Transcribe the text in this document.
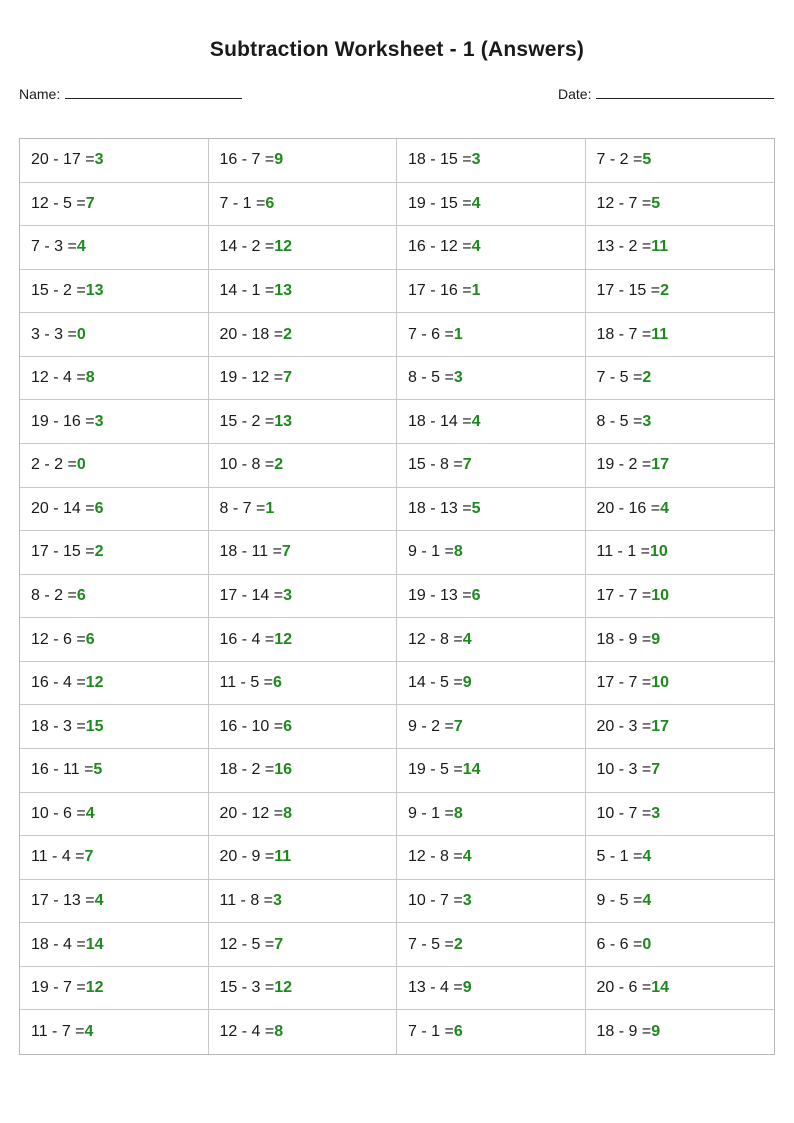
Subtraction Worksheet - 1 (Answers)
Name:	Date:
20 - 17 = 3	16 - 7 = 9	18 - 15 = 3	7 - 2 = 5
12 - 5 = 7	7 - 1 = 6	19 - 15 = 4	12 - 7 = 5
7 - 3 = 4	14 - 2 = 12	16 - 12 = 4	13 - 2 = 11
15 - 2 = 13	14 - 1 = 13	17 - 16 = 1	17 - 15 = 2
3 - 3 = 0	20 - 18 = 2	7 - 6 = 1	18 - 7 = 11
12 - 4 = 8	19 - 12 = 7	8 - 5 = 3	7 - 5 = 2
19 - 16 = 3	15 - 2 = 13	18 - 14 = 4	8 - 5 = 3
2 - 2 = 0	10 - 8 = 2	15 - 8 = 7	19 - 2 = 17
20 - 14 = 6	8 - 7 = 1	18 - 13 = 5	20 - 16 = 4
17 - 15 = 2	18 - 11 = 7	9 - 1 = 8	11 - 1 = 10
8 - 2 = 6	17 - 14 = 3	19 - 13 = 6	17 - 7 = 10
12 - 6 = 6	16 - 4 = 12	12 - 8 = 4	18 - 9 = 9
16 - 4 = 12	11 - 5 = 6	14 - 5 = 9	17 - 7 = 10
18 - 3 = 15	16 - 10 = 6	9 - 2 = 7	20 - 3 = 17
16 - 11 = 5	18 - 2 = 16	19 - 5 = 14	10 - 3 = 7
10 - 6 = 4	20 - 12 = 8	9 - 1 = 8	10 - 7 = 3
11 - 4 = 7	20 - 9 = 11	12 - 8 = 4	5 - 1 = 4
17 - 13 = 4	11 - 8 = 3	10 - 7 = 3	9 - 5 = 4
18 - 4 = 14	12 - 5 = 7	7 - 5 = 2	6 - 6 = 0
19 - 7 = 12	15 - 3 = 12	13 - 4 = 9	20 - 6 = 14
11 - 7 = 4	12 - 4 = 8	7 - 1 = 6	18 - 9 = 9
